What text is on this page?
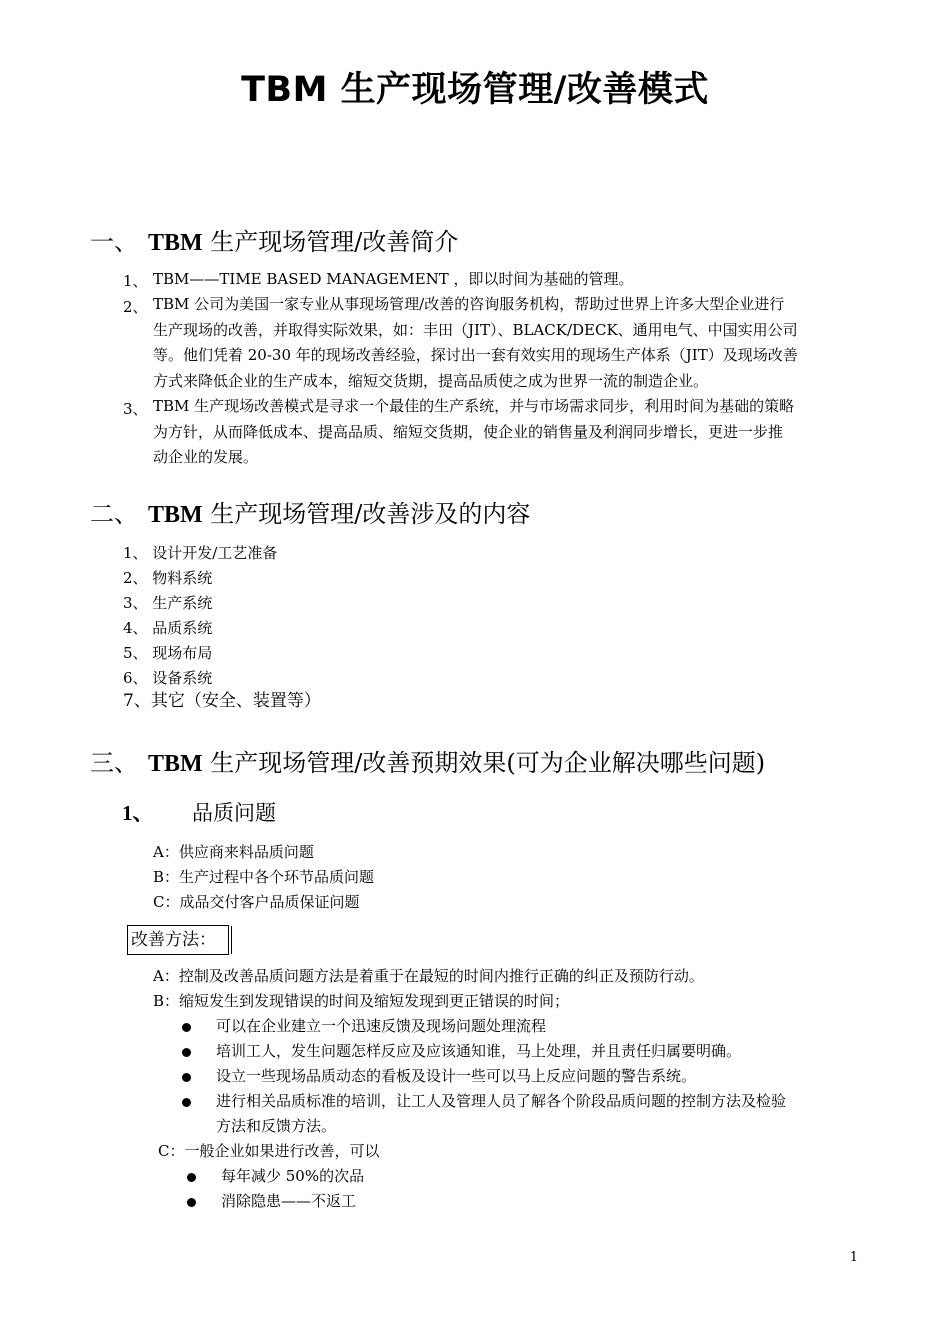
TBM 生产现场管理/改善模式
一、 TBM 生产现场管理/改善简介
1、 TBM——TIME BASED MANAGEMENT ，即以时间为基础的管理。
2、 TBM 公司为美国一家专业从事现场管理/改善的咨询服务机构，帮助过世界上许多大型企业进行
生产现场的改善，并取得实际效果，如：丰田（JIT）、BLACK/DECK、通用电气、中国实用公司
等。他们凭着 20-30 年的现场改善经验，探讨出一套有效实用的现场生产体系（JIT）及现场改善
方式来降低企业的生产成本，缩短交货期，提高品质使之成为世界一流的制造企业。
3、 TBM 生产现场改善模式是寻求一个最佳的生产系统，并与市场需求同步，利用时间为基础的策略
为方针，从而降低成本、提高品质、缩短交货期，使企业的销售量及利润同步增长，更进一步推
动企业的发展。
二、 TBM 生产现场管理/改善涉及的内容
1、 设计开发/工艺准备
2、 物料系统
3、 生产系统
4、 品质系统
5、 现场布局
6、 设备系统
7、其它（安全、装置等）
三、 TBM 生产现场管理/改善预期效果(可为企业解决哪些问题)
1、 品质问题
A：供应商来料品质问题
B：生产过程中各个环节品质问题
C：成品交付客户品质保证问题
改善方法：
A：控制及改善品质问题方法是着重于在最短的时间内推行正确的纠正及预防行动。
B：缩短发生到发现错误的时间及缩短发现到更正错误的时间；
可以在企业建立一个迅速反馈及现场问题处理流程
培训工人，发生问题怎样反应及应该通知谁，马上处理，并且责任归属要明确。
设立一些现场品质动态的看板及设计一些可以马上反应问题的警告系统。
进行相关品质标准的培训，让工人及管理人员了解各个阶段品质问题的控制方法及检验
方法和反馈方法。
C：一般企业如果进行改善，可以
每年减少 50%的次品
消除隐患——不返工
1
